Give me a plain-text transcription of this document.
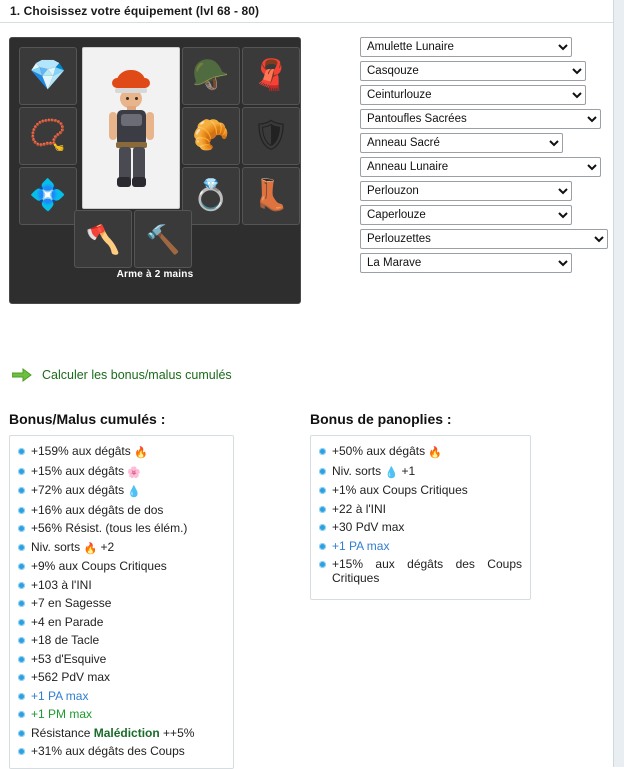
1. Choisissez votre équipement (lvl 68 - 80)
💎	🪖 🧣
📿	🥐 🛡
💠	💍 👢
🪓 🔨
Arme à 2 mains
Amulette Lunaire
Casqouze
Ceinturlouze
Pantoufles Sacrées
Anneau Sacré
Anneau Lunaire
Perlouzon
Caperlouze
Perlouzettes
La Marave
Calculer les bonus/malus cumulés
Bonus/Malus cumulés :	Bonus de panoplies :
+159% aux dégâts 🔥
+15% aux dégâts 🌸
+72% aux dégâts 💧
+16% aux dégâts de dos
+56% Résist. (tous les élém.)
Niv. sorts 🔥 +2
+9% aux Coups Critiques
+103 à l'INI
+7 en Sagesse
+4 en Parade
+18 de Tacle
+53 d'Esquive
+562 PdV max
+1 PA max
+1 PM max
Résistance Malédiction ++5%
+31% aux dégâts des Coups
+50% aux dégâts 🔥
Niv. sorts 💧 +1
+1% aux Coups Critiques
+22 à l'INI
+30 PdV max
+1 PA max
+15% aux dégâts des Coups Critiques
